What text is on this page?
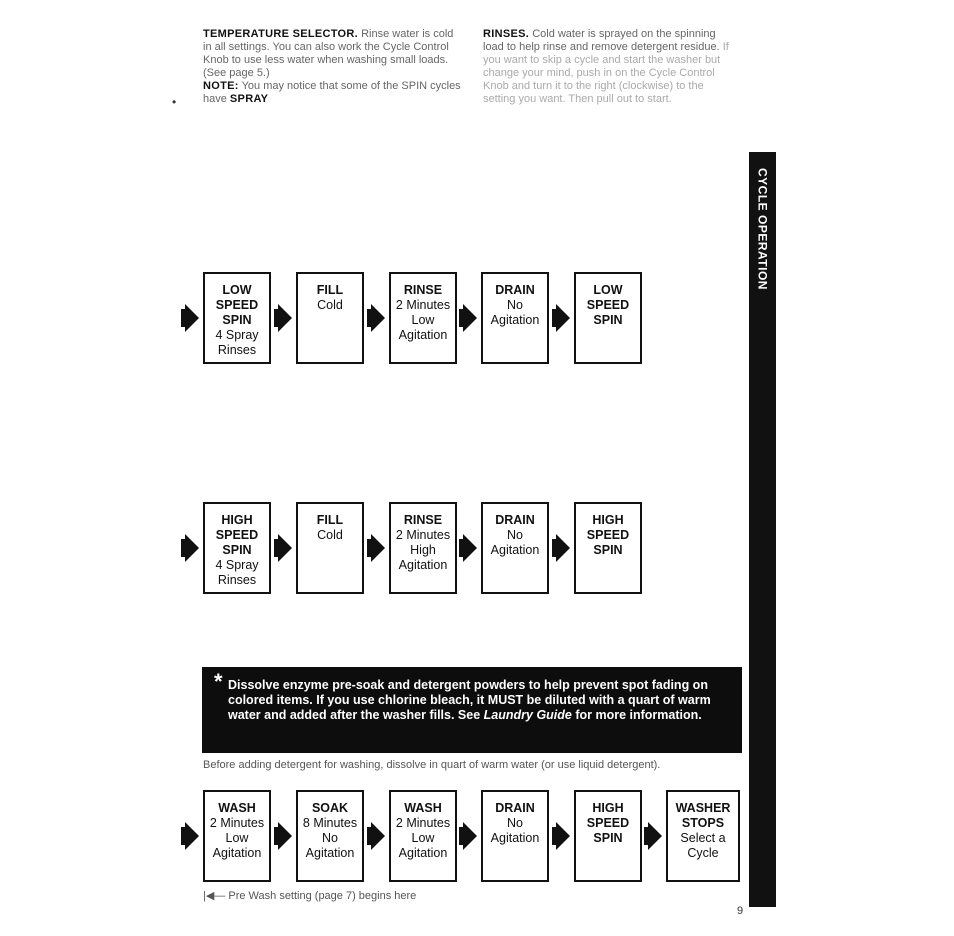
•
TEMPERATURE SELECTOR. Rinse water is cold in all settings. You can also work the Cycle Control Knob to use less water when washing small loads. (See page 5.)
NOTE: You may notice that some of the SPIN cycles have SPRAY
RINSES. Cold water is sprayed on the spinning load to help rinse and remove detergent residue. If you want to skip a cycle and start the washer but change your mind, push in on the Cycle Control Knob and turn it to the right (clockwise) to the setting you want. Then pull out to start.
CYCLE OPERATION
LOW SPEED SPIN
4 Spray
Rinses
FILL
Cold
RINSE
2 Minutes
Low
Agitation
DRAIN
No
Agitation
LOW SPEED SPIN
HIGH SPEED SPIN
4 Spray
Rinses
FILL
Cold
RINSE
2 Minutes
High
Agitation
DRAIN
No
Agitation
HIGH SPEED SPIN
WASH
2 Minutes
Low
Agitation
SOAK
8 Minutes
No
Agitation
WASH
2 Minutes
Low
Agitation
DRAIN
No
Agitation
HIGH SPEED SPIN
WASHER STOPS
Select a
Cycle
* Dissolve enzyme pre-soak and detergent powders to help prevent spot fading on colored items. If you use chlorine bleach, it MUST be diluted with a quart of warm water and added after the washer fills. See Laundry Guide for more information.
Before adding detergent for washing, dissolve in quart of warm water (or use liquid detergent).
|◀— Pre Wash setting (page 7) begins here
9
